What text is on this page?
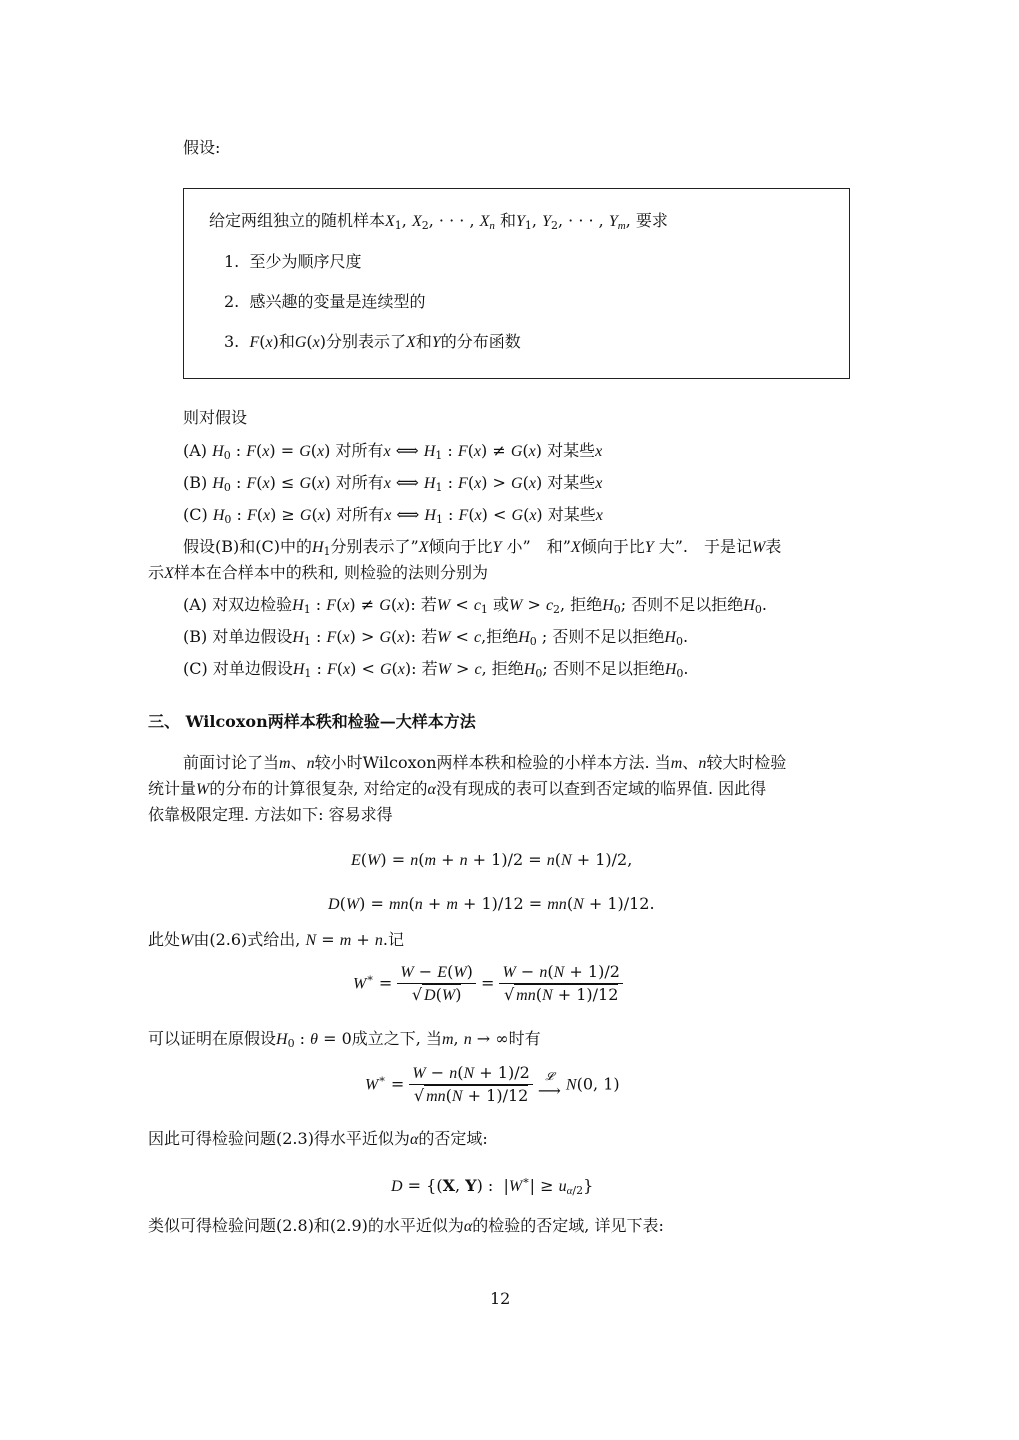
假设:
给定两组独立的随机样本$X_1$, $X_2$, · · · , $X_n$ 和$Y_1$, $Y_2$, · · · , $Y_m$, 要求
1. 至少为顺序尺度
2. 感兴趣的变量是连续型的
3. F(x)和G(x)分别表示了X和Y的分布函数
则对假设
(A) $H_0$ : F(x) = G(x) 对所有x ⟺ $H_1$ : F(x) ≠ G(x) 对某些x
(B) $H_0$ : F(x) ≤ G(x) 对所有x ⟺ $H_1$ : F(x) > G(x) 对某些x
(C) $H_0$ : F(x) ≥ G(x) 对所有x ⟺ $H_1$ : F(x) < G(x) 对某些x
假设(B)和(C)中的$H_1$分别表示了”X倾向于比Y 小”　和”X倾向于比Y 大”.　于是记W表
示X样本在合样本中的秩和, 则检验的法则分别为
(A) 对双边检验$H_1$ : F(x) ≠ G(x): 若$W < c_1$ 或$W > c_2$, 拒绝$H_0$; 否则不足以拒绝$H_0$.
(B) 对单边假设$H_1$ : F(x) > G(x): 若W < c,拒绝$H_0$ ; 否则不足以拒绝$H_0$.
(C) 对单边假设$H_1$ : F(x) < G(x): 若W > c, 拒绝$H_0$; 否则不足以拒绝$H_0$.
三、 Wilcoxon两样本秩和检验—大样本方法
前面讨论了当m、n较小时Wilcoxon两样本秩和检验的小样本方法. 当m、n较大时检验
统计量W的分布的计算很复杂, 对给定的α没有现成的表可以查到否定域的临界值. 因此得
依靠极限定理. 方法如下: 容易求得
E(W) = n(m + n + 1)/2 = n(N + 1)/2,
D(W) = mn(n + m + 1)/12 = mn(N + 1)/12.
此处W由(2.6)式给出, N = m + n.记
$W^∗ = \frac{W - E(W)}{√ D(W)} = \frac{W - n(N + 1)/2}{√ mn(N + 1)/12}$
可以证明在原假设$H_0$ : θ = 0成立之下, 当m, n → ∞时有
$W^∗ = \frac{W - n(N + 1)/2}{√ mn(N + 1)/12}$
	𝓛
⟶ N(0, 1)
因此可得检验问题(2.3)得水平近似为α的否定域:
D = {(X, Y) :  $|W^∗| \ge u_{\alpha/2}$}
类似可得检验问题(2.8)和(2.9)的水平近似为α的检验的否定域, 详见下表:
12
